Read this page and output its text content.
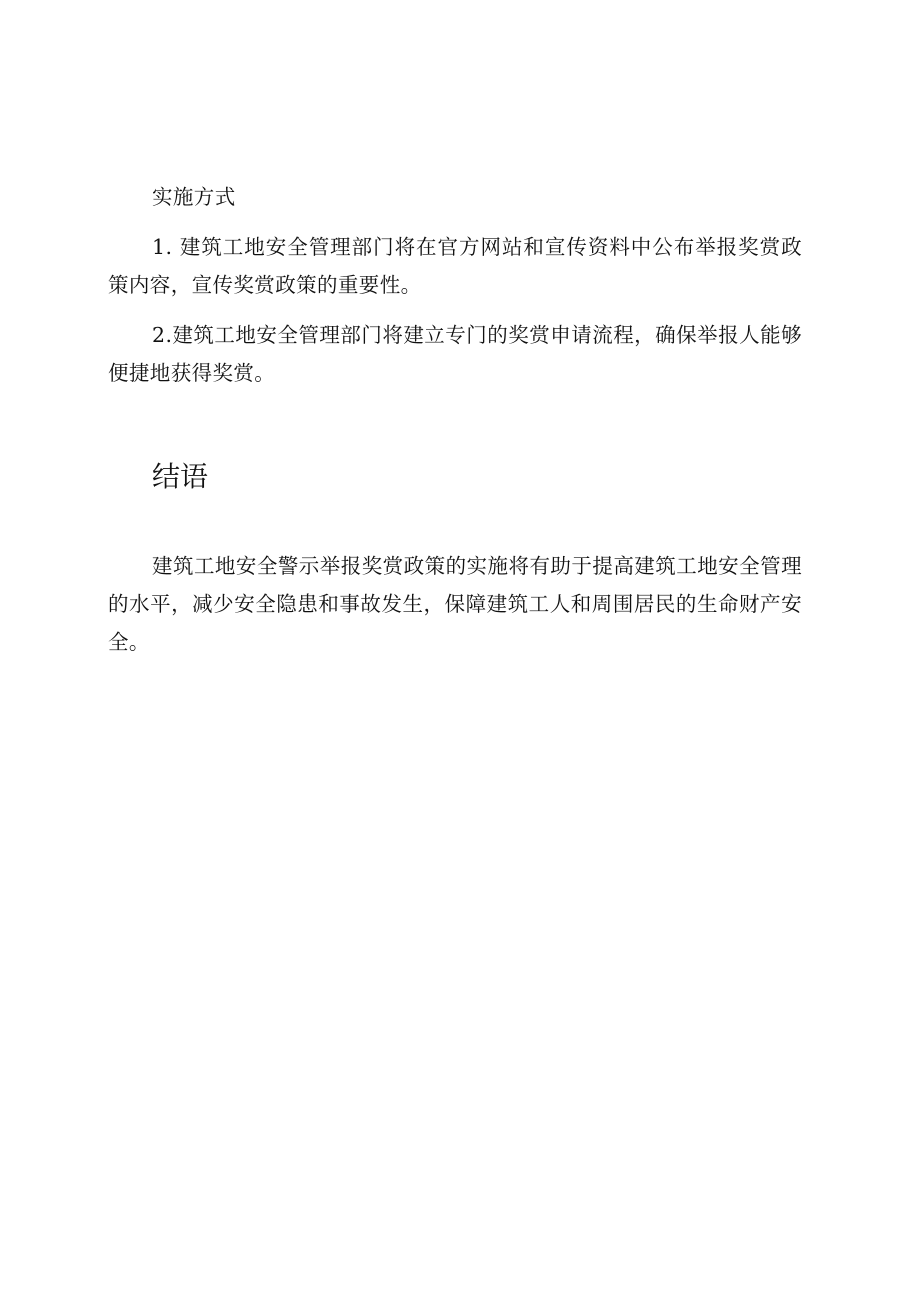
实施方式

1. 建筑工地安全管理部门将在官方网站和宣传资料中公布举报奖赏政策内容，宣传奖赏政策的重要性。

2.建筑工地安全管理部门将建立专门的奖赏申请流程，确保举报人能够便捷地获得奖赏。

结语

建筑工地安全警示举报奖赏政策的实施将有助于提高建筑工地安全管理的水平，减少安全隐患和事故发生，保障建筑工人和周围居民的生命财产安全。
